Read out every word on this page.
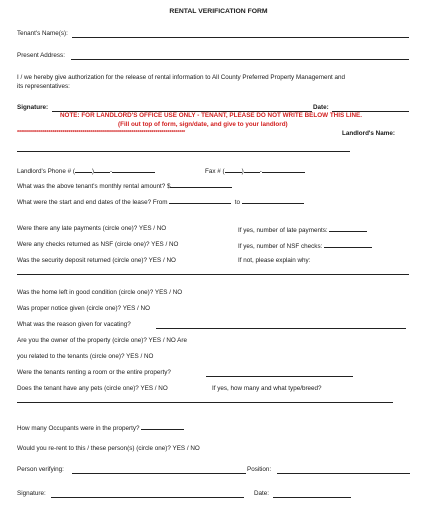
RENTAL VERIFICATION FORM
Tenant's Name(s):
Present Address:
I / we hereby give authorization for the release of rental information to All County Preferred Property Management and
its representatives:
Signature:	Date:
NOTE: FOR LANDLORD'S OFFICE USE ONLY - TENANT, PLEASE DO NOT WRITE BELOW THIS LINE.
(Fill out top of form, sign/date, and give to your landlord)
*************************************************************************************	Landlord's Name:
Landlord's Phone # (	)	-	Fax # (	)	-
What was the above tenant's monthly rental amount? $
What were the start and end dates of the lease? From	to
Were there any late payments (circle one)? YES / NO	If yes, number of late payments:
Were any checks returned as NSF (circle one)? YES / NO	If yes, number of NSF checks:
Was the security deposit returned (circle one)? YES / NO	If not, please explain why:
Was the home left in good condition (circle one)? YES / NO
Was proper notice given (circle one)? YES / NO
What was the reason given for vacating?
Are you the owner of the property (circle one)? YES / NO Are
you related to the tenants (circle one)? YES / NO
Were the tenants renting a room or the entire property?
Does the tenant have any pets (circle one)? YES / NO	If yes, how many and what type/breed?
How many Occupants were in the property?
Would you re-rent to this / these person(s) (circle one)? YES / NO
Person verifying:	Position:
Signature:	Date:
